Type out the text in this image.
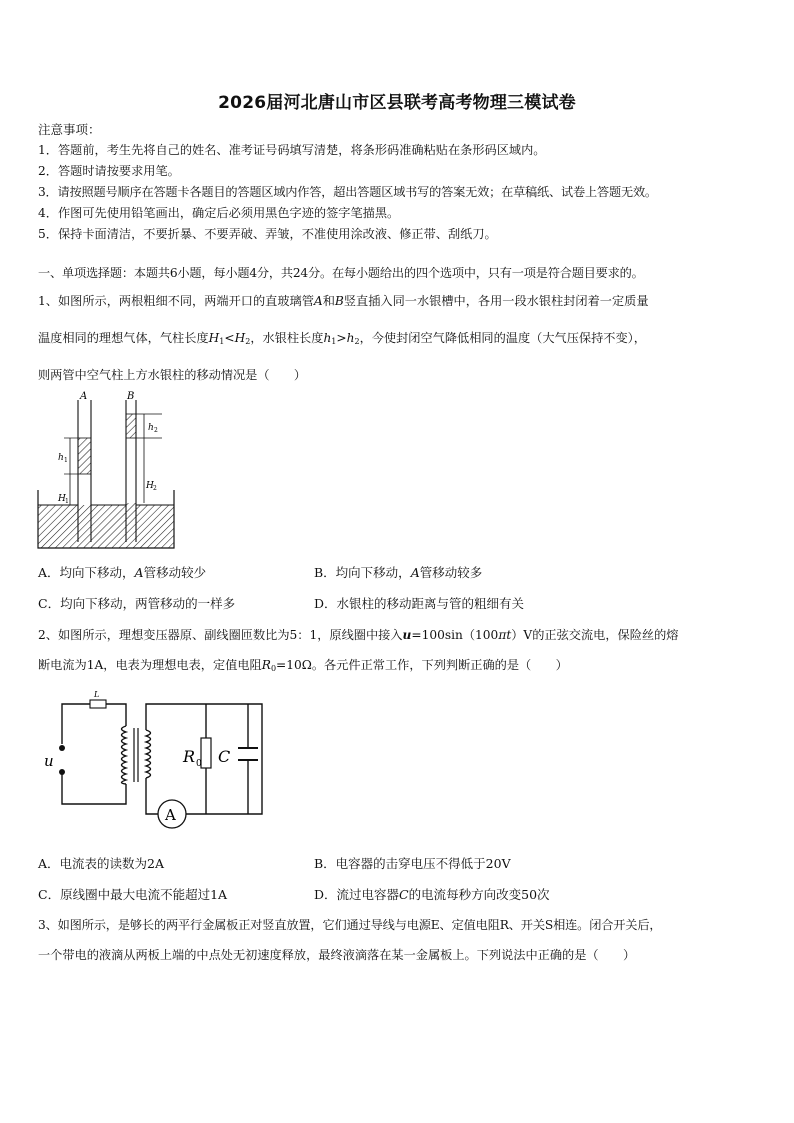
2026届河北唐山市区县联考高考物理三模试卷
注意事项：
1．答题前，考生先将自己的姓名、准考证号码填写清楚，将条形码准确粘贴在条形码区域内。
2．答题时请按要求用笔。
3．请按照题号顺序在答题卡各题目的答题区域内作答，超出答题区域书写的答案无效；在草稿纸、试卷上答题无效。
4．作图可先使用铅笔画出，确定后必须用黑色字迹的签字笔描黑。
5．保持卡面清洁，不要折暴、不要弄破、弄皱，不准使用涂改液、修正带、刮纸刀。
一、单项选择题：本题共6小题，每小题4分，共24分。在每小题给出的四个选项中，只有一项是符合题目要求的。
1、如图所示，两根粗细不同，两端开口的直玻璃管A和B竖直插入同一水银槽中，各用一段水银柱封闭着一定质量
温度相同的理想气体，气柱长度$H_1<H_2$，水银柱长度$h_1>h_2$，今使封闭空气降低相同的温度（大气压保持不变），
则两管中空气柱上方水银柱的移动情况是（　　）
A	B
h 1
H 1
h 2
H 2
A．均向下移动，A管移动较少	B．均向下移动，A管移动较多
C．均向下移动，两管移动的一样多	D．水银柱的移动距离与管的粗细有关
2、如图所示，理想变压器原、副线圈匝数比为5：1，原线圈中接入u=100sin（100πt）V的正弦交流电，保险丝的熔
断电流为1A，电表为理想电表，定值电阻$R_0=10\Omega$。各元件正常工作，下列判断正确的是（　　）
L
u	R 0 C
A
A．电流表的读数为2A	B．电容器的击穿电压不得低于20V
C．原线圈中最大电流不能超过1A	D．流过电容器C的电流每秒方向改变50次
3、如图所示，是够长的两平行金属板正对竖直放置，它们通过导线与电源E、定值电阻R、开关S相连。闭合开关后，
一个带电的液滴从两板上端的中点处无初速度释放，最终液滴落在某一金属板上。下列说法中正确的是（　　）
